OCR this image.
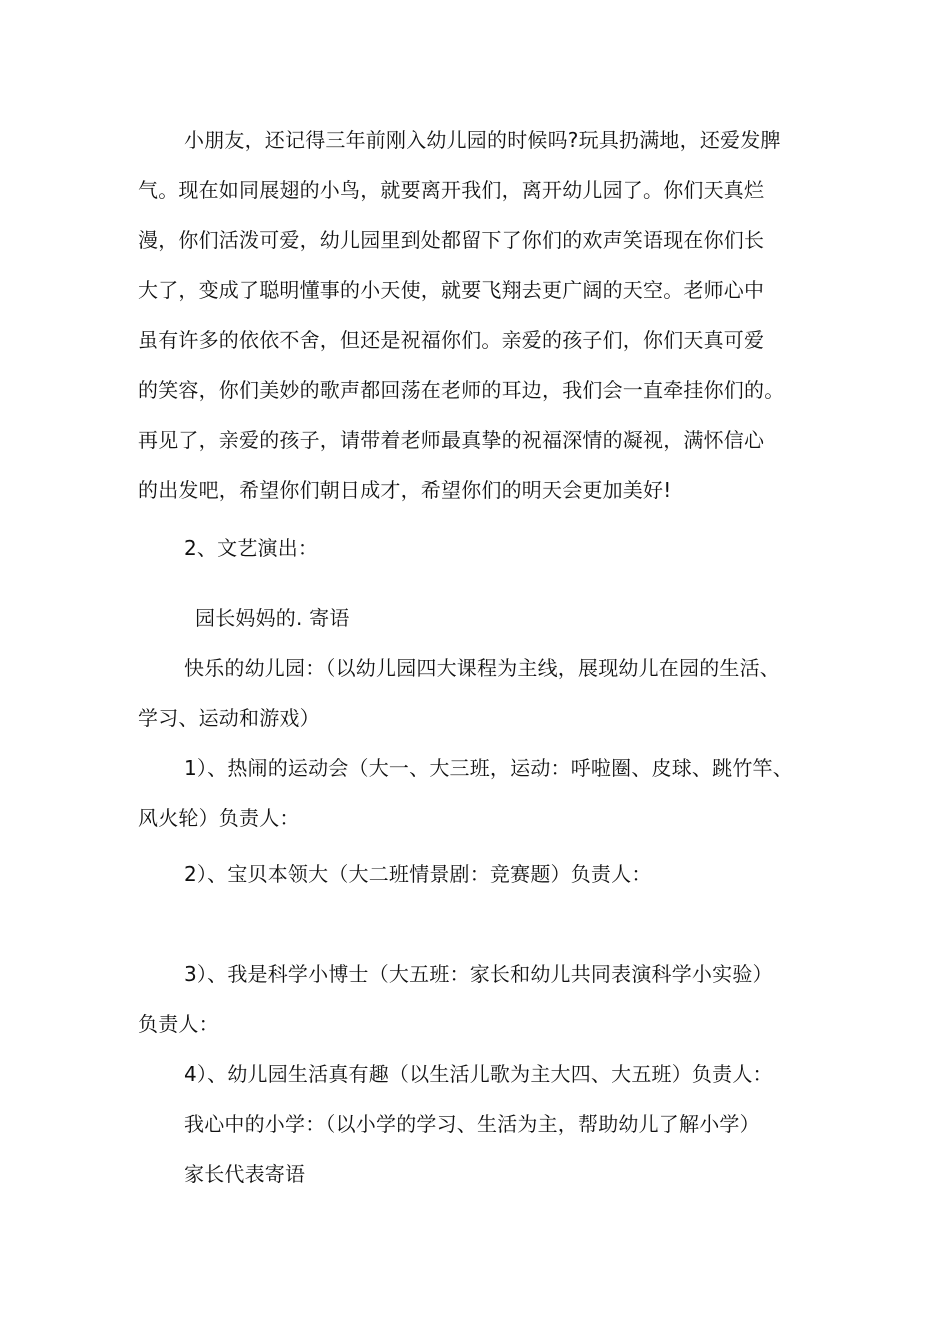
小朋友，还记得三年前刚入幼儿园的时候吗?玩具扔满地，还爱发脾
气。现在如同展翅的小鸟，就要离开我们，离开幼儿园了。你们天真烂
漫，你们活泼可爱，幼儿园里到处都留下了你们的欢声笑语现在你们长
大了，变成了聪明懂事的小天使，就要飞翔去更广阔的天空。老师心中
虽有许多的依依不舍，但还是祝福你们。亲爱的孩子们，你们天真可爱
的笑容，你们美妙的歌声都回荡在老师的耳边，我们会一直牵挂你们的。
再见了，亲爱的孩子，请带着老师最真挚的祝福深情的凝视，满怀信心
的出发吧，希望你们朝日成才，希望你们的明天会更加美好!
2、文艺演出：
园长妈妈的. 寄语
快乐的幼儿园：（以幼儿园四大课程为主线，展现幼儿在园的生活、
学习、运动和游戏）
1）、热闹的运动会（大一、大三班，运动：呼啦圈、皮球、跳竹竿、
风火轮）负责人：
2）、宝贝本领大（大二班情景剧：竞赛题）负责人：
3）、我是科学小博士（大五班：家长和幼儿共同表演科学小实验）
负责人：
4）、幼儿园生活真有趣（以生活儿歌为主大四、大五班）负责人：
我心中的小学：（以小学的学习、生活为主，帮助幼儿了解小学）
家长代表寄语
